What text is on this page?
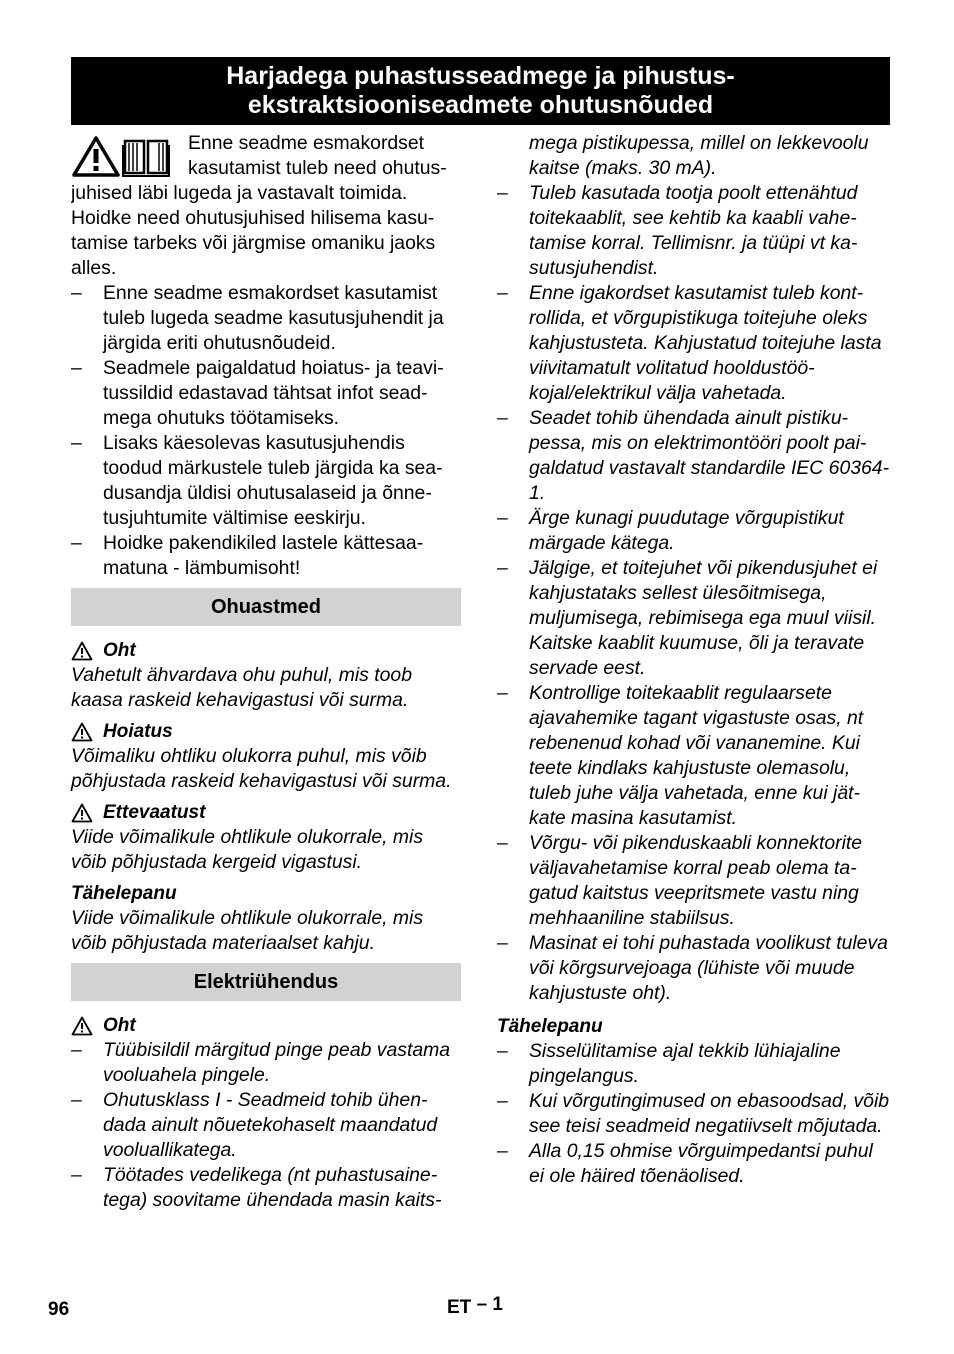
Harjadega puhastusseadmege ja pihustus-
ekstraktsiooniseadmete ohutusnõuded

Enne seadme esmakordset kasutamist tuleb need ohutusjuhised läbi lugeda ja vastavalt toimida. Hoidke need ohutusjuhised hilisema kasutamise tarbeks või järgmise omaniku jaoks alles.

– Enne seadme esmakordset kasutamist tuleb lugeda seadme kasutusjuhendit ja järgida eriti ohutusnõudeid.
– Seadmele paigaldatud hoiatus- ja teavitussildid edastavad tähtsat infot seadmega ohutuks töötamiseks.
– Lisaks käesolevas kasutusjuhendis toodud märkustele tuleb järgida ka seadusandja üldisi ohutusalaseid ja õnnetusjuhtumite vältimise eeskirju.
– Hoidke pakendikiled lastele kättesaamatuna - lämbumisoht!
Ohuastmed
Oht

Vahetult ähvardava ohu puhul, mis toob kaasa raskeid kehavigastusi või surma.

Hoiatus

Võimaliku ohtliku olukorra puhul, mis võib põhjustada raskeid kehavigastusi või surma.

Ettevaatust

Viide võimalikule ohtlikule olukorrale, mis võib põhjustada kergeid vigastusi.

Tähelepanu

Viide võimalikule ohtlikule olukorrale, mis võib põhjustada materiaalset kahju.

Elektriühendus
Oht
– Tüübisildil märgitud pinge peab vastama vooluahela pingele.
– Ohutusklass I - Seadmeid tohib ühendada ainult nõuetekohaselt maandatud vooluallikatega.
– Töötades vedelikega (nt puhastusainetega) soovitame ühendada masin kaits
ega pistikupessa, millel on lekkevoolu kaitse (maks. 30 mA).
– Tuleb kasutada tootja poolt ettenähtud toitekaablit, see kehtib ka kaabli vahetamise korral. Tellimisnr. ja tüüpi vt kasutusjuhendist.
– Enne igakordset kasutamist tuleb kontrollida, et võrgupistikuga toitejuhe oleks kahjustusteta. Kahjustatud toitejuhe lasta viivitamatult volitatud hooldustöökojal/elektrikul välja vahetada.
– Seadet tohib ühendada ainult pistikupessa, mis on elektrimontööri poolt paigaldatud vastavalt standardile IEC 60364-1.
– Ärge kunagi puudutage võrgupistikut märgade kätega.
– Jälgige, et toitejuhet või pikendusjuhet ei kahjustataks sellest ülesõitmisega, muljumisega, rebimisega ega muul viisil. Kaitske kaablit kuumuse, õli ja teravate servade eest.
– Kontrollige toitekaablit regulaarsete ajavahemike tagant vigastuste osas, nt rebenenud kohad või vananemine. Kui teete kindlaks kahjustuste olemasolu, tuleb juhe välja vahetada, enne kui jätkate masina kasutamist.
– Võrgu- või pikenduskaabli konnektorite väljavahetamise korral peab olema tagatud kaitstus veepritsmete vastu ning mehhaaniline stabiilsus.
– Masinat ei tohi puhastada voolikust tuleva või kõrgsurvejoaga (lühiste või muude kahjustuste oht).
Tähelepanu
– Sisselülitamise ajal tekkib lühiajaline pingelangus.
– Kui võrgutingimused on ebasoodsad, võib see teisi seadmeid negatiivselt mõjutada.
– Alla 0,15 ohmise võrguimpedantsi puhul ei ole häired tõenäolised.
96	ET – 1
